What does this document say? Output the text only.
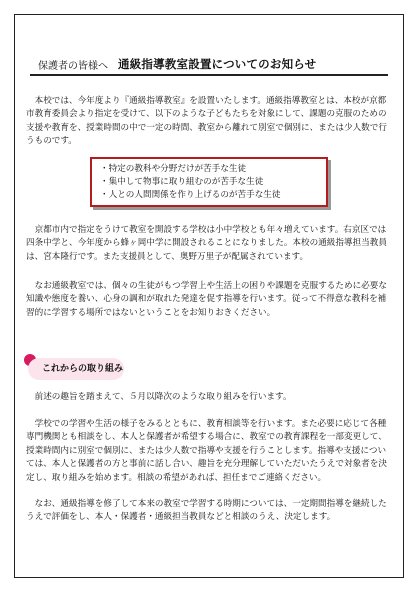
保護者の皆様へ 通級指導教室設置についてのお知らせ

本校では、今年度より『通級指導教室』を設置いたします。通級指導教室とは、本校が京都市教育委員会より指定を受けて、以下のような子どもたちを対象にして、課題の克服のための支援や教育を、授業時間の中で一定の時間、教室から離れて別室で個別に、または少人数で行うものです。

・特定の教科や分野だけが苦手な生徒
・集中して物事に取り組むのが苦手な生徒
・人との人間関係を作り上げるのが苦手な生徒

京都市内で指定をうけて教室を開設する学校は小中学校とも年々増えています。右京区では四条中学と、今年度から蜂ヶ岡中学に開設されることになりました。本校の通級指導担当教員は、宮本隆行です。また支援員として、奥野万里子が配属されています。

なお通級教室では、個々の生徒がもつ学習上や生活上の困りや課題を克服するために必要な知識や態度を養い、心身の調和が取れた発達を促す指導を行います。従って不得意な教科を補習的に学習する場所ではないということをお知りおきください。

これからの取り組み

前述の趣旨を踏まえて、５月以降次のような取り組みを行います。

学校での学習や生活の様子をみるとともに、教育相談等を行います。また必要に応じて各種専門機関とも相談をし、本人と保護者が希望する場合に、教室での教育課程を一部変更して、授業時間内に別室で個別に、または少人数で指導や支援を行うことします。指導や支援については、本人と保護者の方と事前に話し合い、趣旨を充分理解していただいたうえで対象者を決定し、取り組みを始めます。相談の希望があれば、担任までご連絡ください。

なお、通級指導を修了して本来の教室で学習する時期については、一定期間指導を継続したうえで評価をし、本人・保護者・通級担当教員などと相談のうえ、決定します。
